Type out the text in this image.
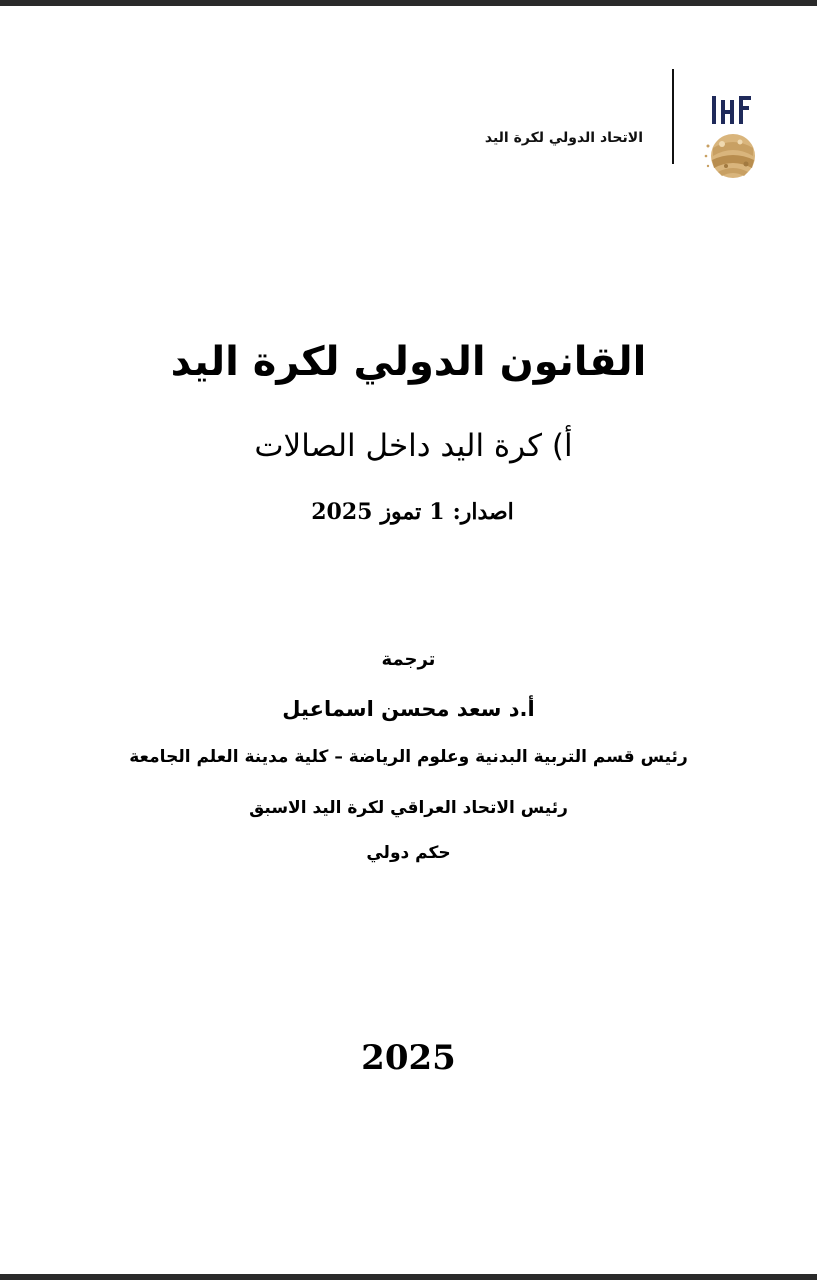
الاتحاد الدولي لكرة اليد
القانون الدولي لكرة اليد
أ) كرة اليد داخل الصالات
اصدار:1تموز2025
ترجمة
أ.د سعد محسن اسماعيل
رئيس قسم التربية البدنية وعلوم الرياضة – كلية مدينة العلم الجامعة
رئيس الاتحاد العراقي لكرة اليد الاسبق
حكم دولي
2025
